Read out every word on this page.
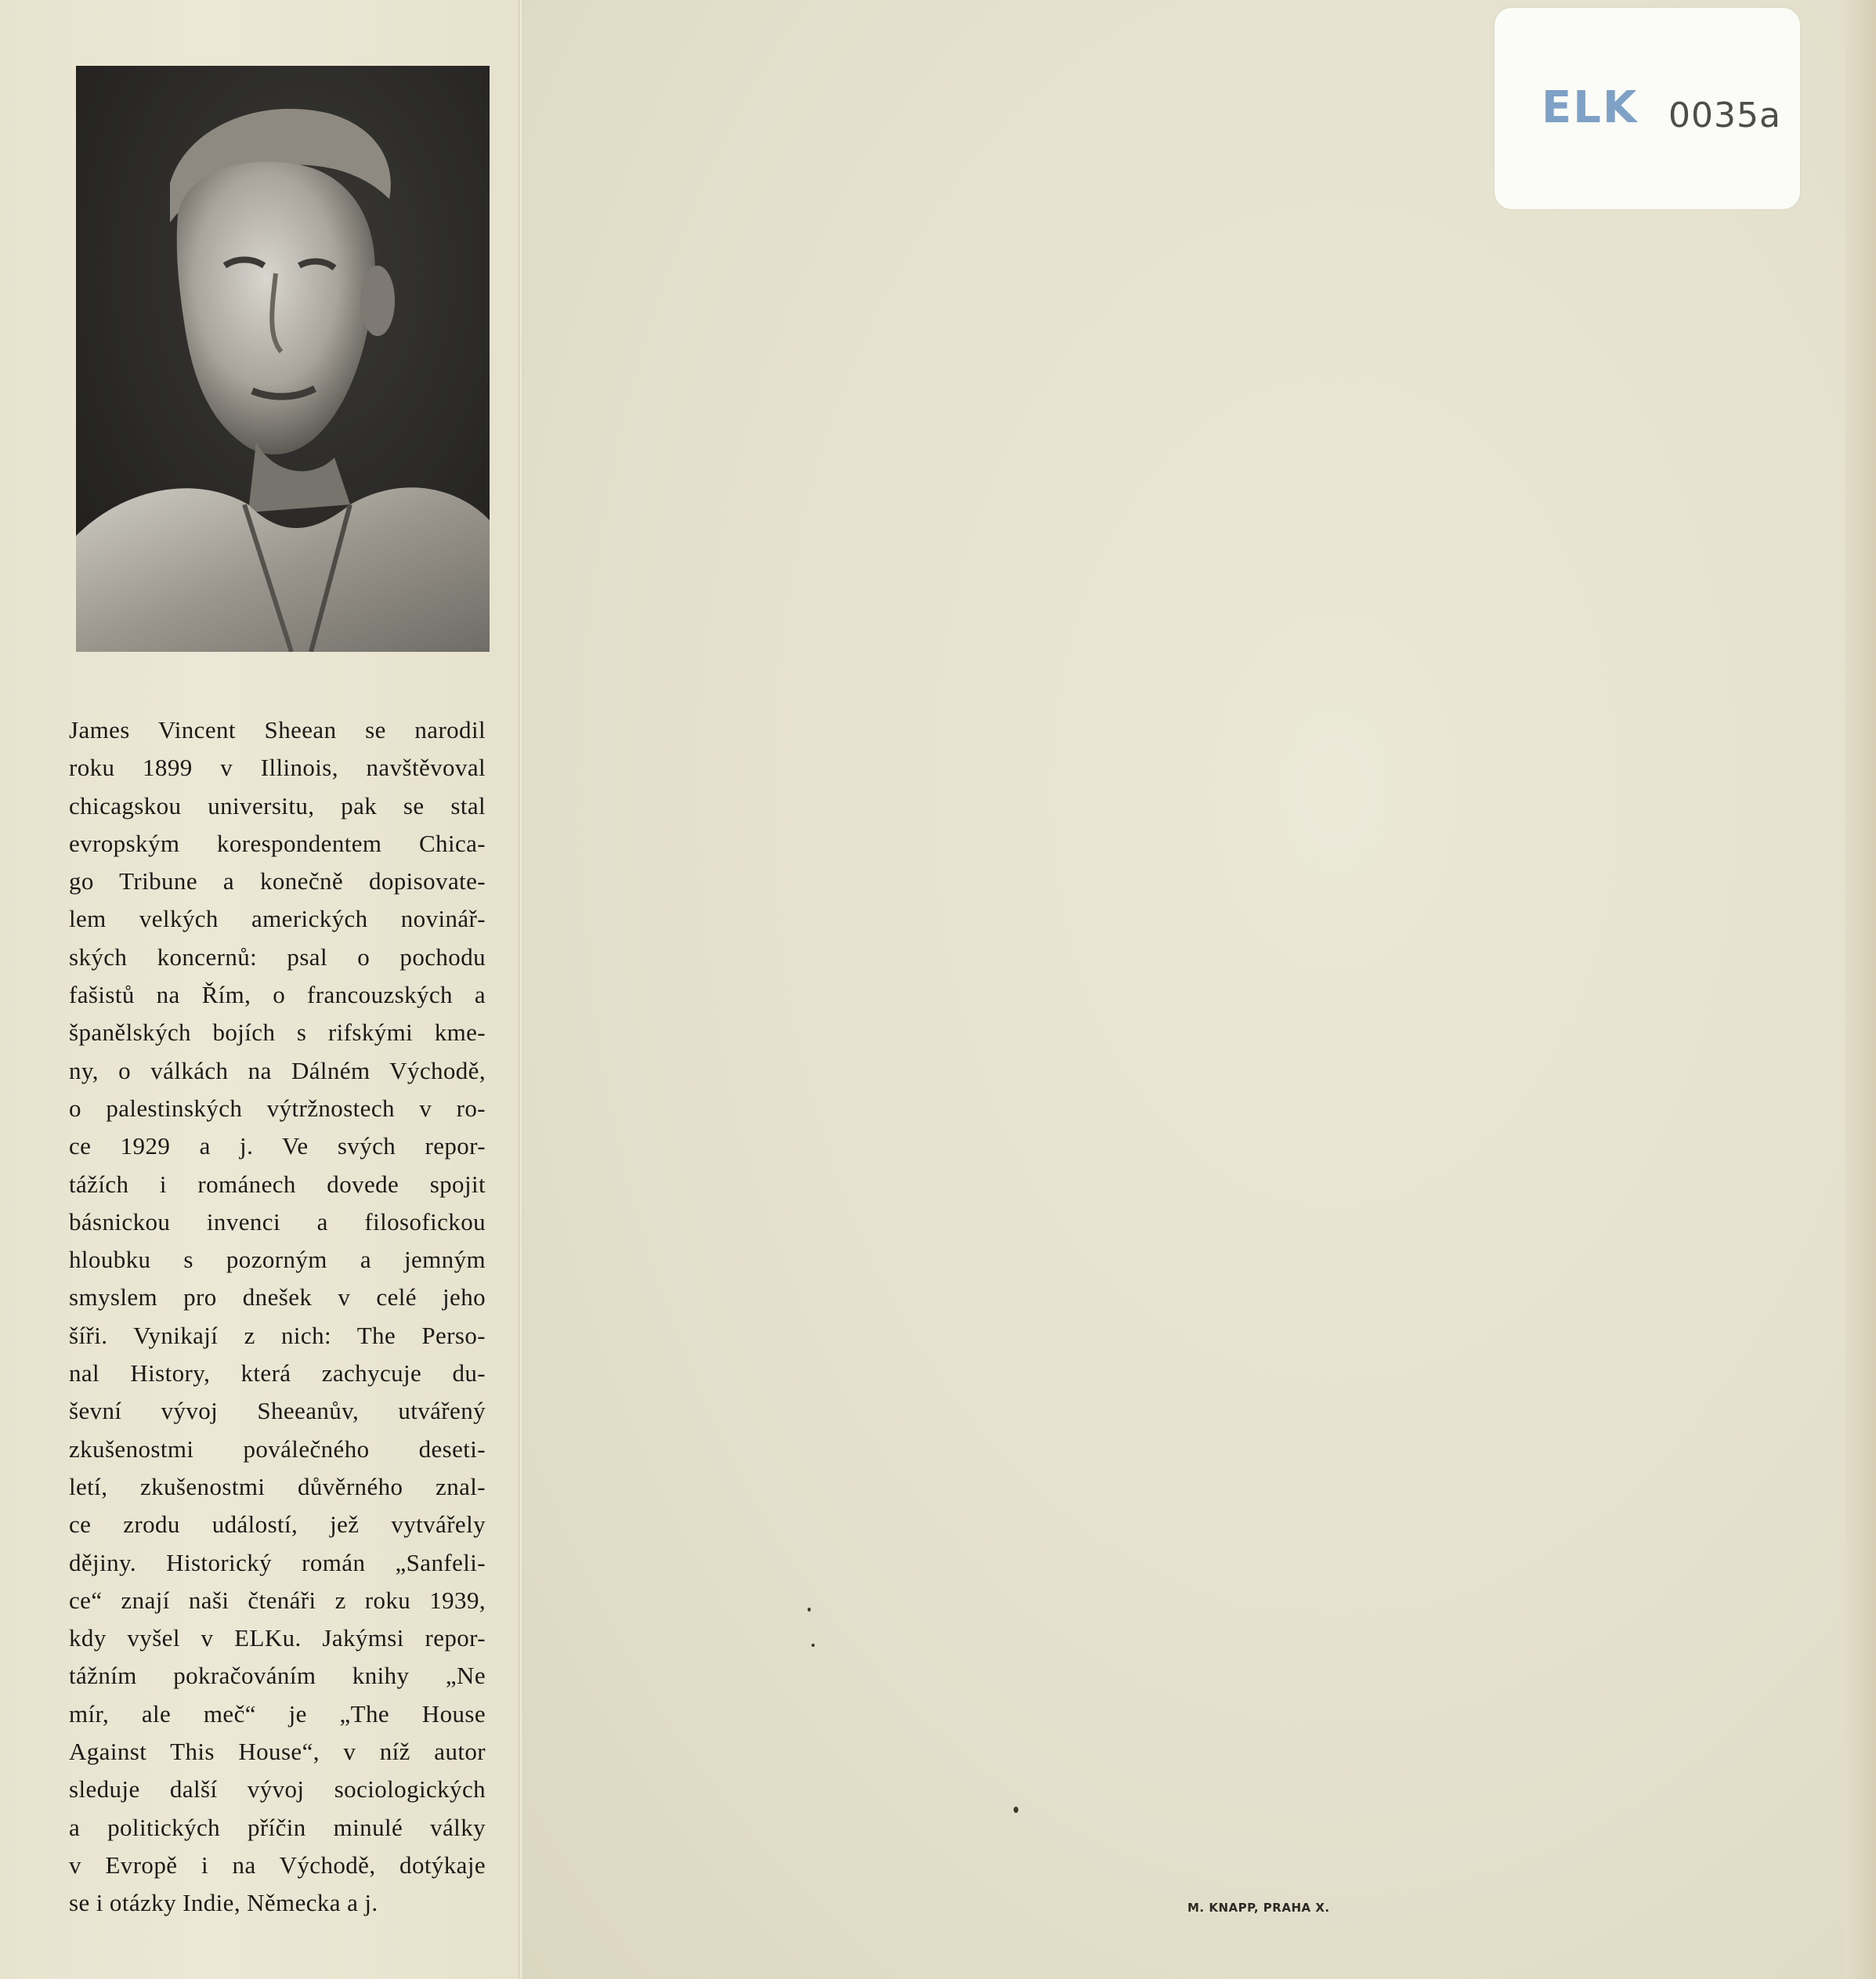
James Vincent Sheean se narodil
roku 1899 v Illinois, navštěvoval
chicagskou universitu, pak se stal
evropským korespondentem Chica-
go Tribune a konečně dopisovate-
lem velkých amerických novinář-
ských koncernů: psal o pochodu
fašistů na Řím, o francouzských a
španělských bojích s rifskými kme-
ny, o válkách na Dálném Východě,
o palestinských výtržnostech v ro-
ce 1929 a j. Ve svých repor-
tážích i románech dovede spojit
básnickou invenci a filosofickou
hloubku s pozorným a jemným
smyslem pro dnešek v celé jeho
šíři. Vynikají z nich: The Perso-
nal History, která zachycuje du-
ševní vývoj Sheeanův, utvářený
zkušenostmi poválečného deseti-
letí, zkušenostmi důvěrného znal-
ce zrodu událostí, jež vytvářely
dějiny. Historický román „Sanfeli-
ce“ znají naši čtenáři z roku 1939,
kdy vyšel v ELKu. Jakýmsi repor-
tážním pokračováním knihy „Ne
mír, ale meč“ je „The House
Against This House“, v níž autor
sleduje další vývoj sociologických
a politických příčin minulé války
v Evropě i na Východě, dotýkaje
se i otázky Indie, Německa a j.
ELK 0035a
M. KNAPP, PRAHA X.
